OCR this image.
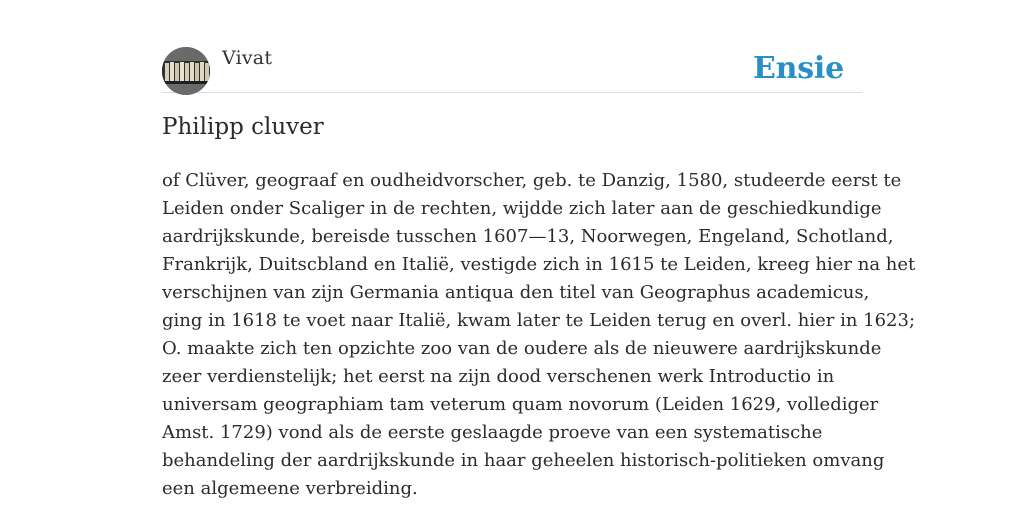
Vivat	Ensie
Philipp cluver
of Clüver, geograaf en oudheidvorscher, geb. te Danzig, 1580, studeerde eerst te
Leiden onder Scaliger in de rechten, wijdde zich later aan de geschiedkundige
aardrijkskunde, bereisde tusschen 1607—13, Noorwegen, Engeland, Schotland,
Frankrijk, Duitscbland en Italië, vestigde zich in 1615 te Leiden, kreeg hier na het
verschijnen van zijn Germania antiqua den titel van Geographus academicus,
ging in 1618 te voet naar Italië, kwam later te Leiden terug en overl. hier in 1623;
O. maakte zich ten opzichte zoo van de oudere als de nieuwere aardrijkskunde
zeer verdienstelijk; het eerst na zijn dood verschenen werk Introductio in
universam geographiam tam veterum quam novorum (Leiden 1629, vollediger
Amst. 1729) vond als de eerste geslaagde proeve van een systematische
behandeling der aardrijkskunde in haar geheelen historisch-politieken omvang
een algemeene verbreiding.
